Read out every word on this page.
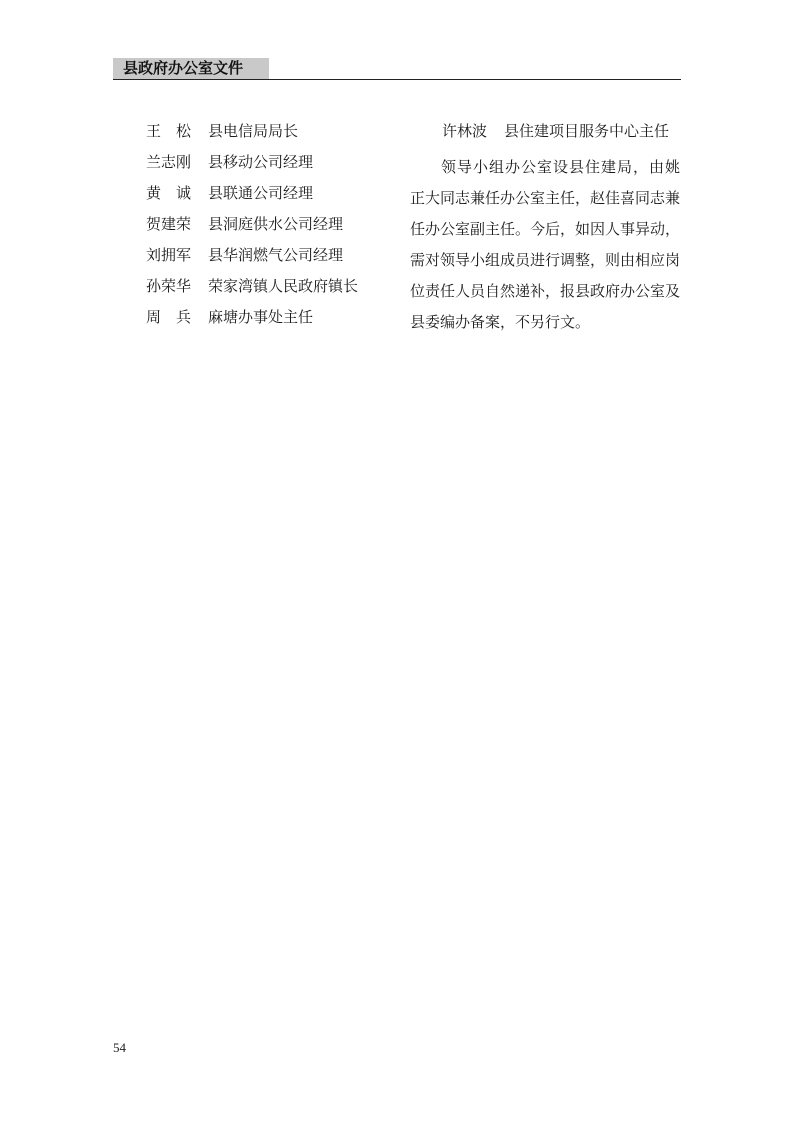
县政府办公室文件
王　松 县电信局局长
兰志刚 县移动公司经理
黄　诚 县联通公司经理
贺建荣 县洞庭供水公司经理
刘拥军 县华润燃气公司经理
孙荣华 荣家湾镇人民政府镇长
周　兵 麻塘办事处主任
许林波 县住建项目服务中心主任

领导小组办公室设县住建局，由姚正大同志兼任办公室主任，赵佳喜同志兼任办公室副主任。今后，如因人事异动，需对领导小组成员进行调整，则由相应岗位责任人员自然递补，报县政府办公室及县委编办备案，不另行文。

54
